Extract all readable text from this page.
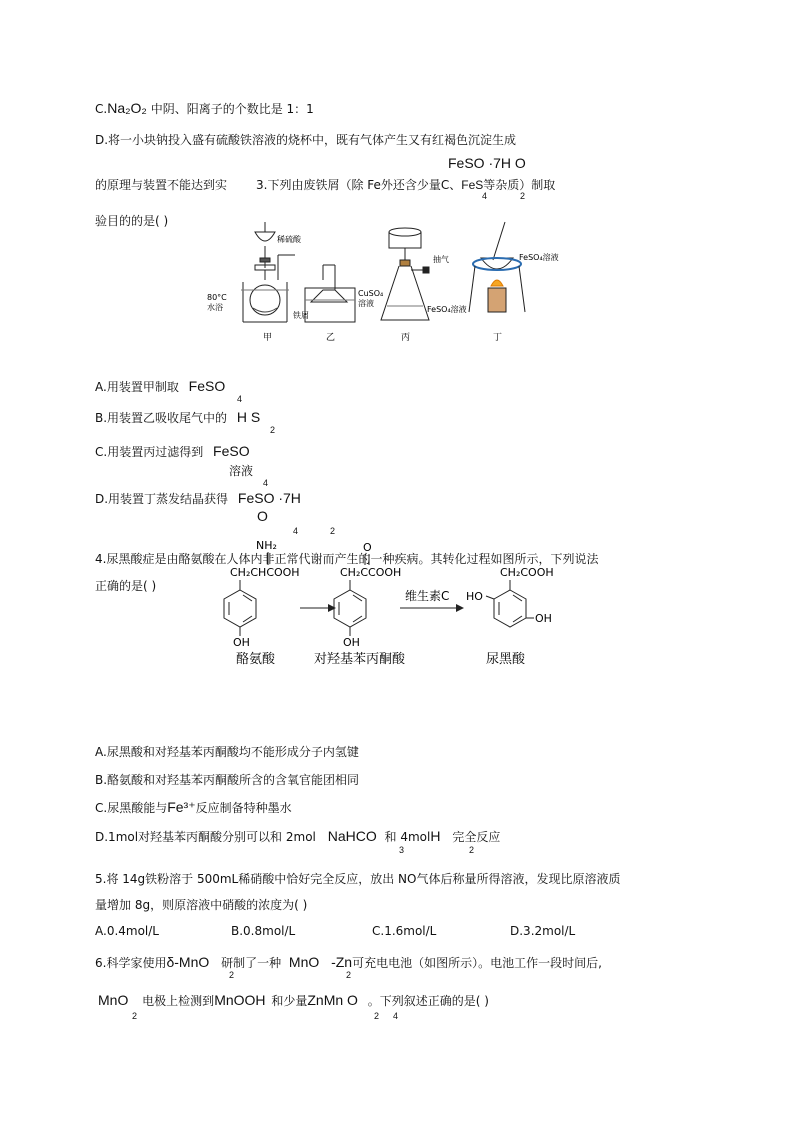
C.Na₂O₂ 中阴、阳离子的个数比是 1：1
D.将一小块钠投入盛有硫酸铁溶液的烧杯中，既有气体产生又有红褐色沉淀生成
FeSO ·7H O
的原理与装置不能达到实 3.下列由废铁屑（除 Fe外还含少量C、FeS等杂质）制取
4	2
验目的的是( )
稀硫酸
80°C
水浴
铁屑
甲
CuSO₄
溶液
乙
抽气
FeSO₄溶液
丙
FeSO₄溶液
丁
A.用装置甲制取 FeSO
4
B.用装置乙吸收尾气中的 H S
2
C.用装置丙过滤得到 FeSO
溶液
4
D.用装置丁蒸发结晶获得 FeSO ·7H
O
4	2
4.尿黑酸症是由酪氨酸在人体内非正常代谢而产生的一种疾病。其转化过程如图所示，下列说法
正确的是( )
NH₂	O
CH₂CHCOOH	CH₂CCOOH	CH₂COOH
OH	OH
维生素C HO
OH
酪氨酸	对羟基苯丙酮酸	尿黑酸
A.尿黑酸和对羟基苯丙酮酸均不能形成分子内氢键
B.酪氨酸和对羟基苯丙酮酸所含的含氧官能团相同
C.尿黑酸能与Fe³⁺反应制备特种墨水
D.1mol对羟基苯丙酮酸分别可以和 2mol NaHCO 和 4molH 完全反应
3	2
5.将 14g铁粉溶于 500mL稀硝酸中恰好完全反应，放出 NO气体后称量所得溶液，发现比原溶液质
量增加 8g，则原溶液中硝酸的浓度为( )
A.0.4mol/L	B.0.8mol/L	C.1.6mol/L	D.3.2mol/L
6.科学家使用δ-MnO 研制了一种 MnO -Zn可充电电池（如图所示）。电池工作一段时间后,
2	2
MnO 电极上检测到MnOOH 和少量ZnMn O 。下列叙述正确的是( )
2	2 4
